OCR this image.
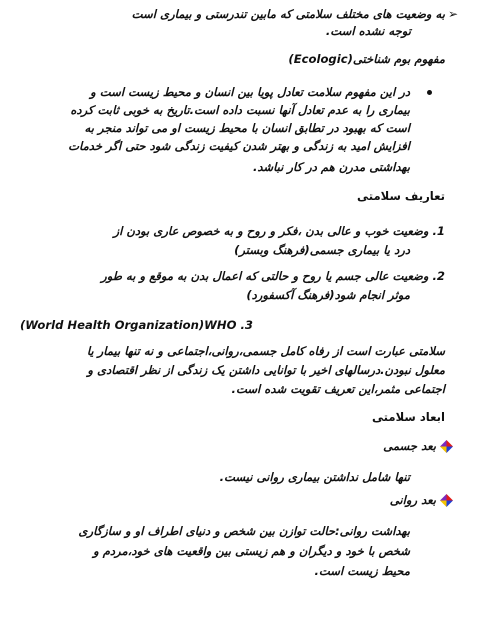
➢
به وضعیت های مختلف سلامتی که مابین تندرستی و بیماری است
توجه نشده است.
مفهوم بوم شناختی(Ecologic)
در این مفهوم سلامت تعادل پویا بین انسان و محیط زیست است و
بیماری را به عدم تعادل آنها نسبت داده است.تاریخ به خوبی ثابت کرده
است که بهبود در تطابق انسان با محیط زیست او می تواند منجر به
افزایش امید به زندگی و بهتر شدن کیفیت زندگی شود حتی اگر خدمات
بهداشتی مدرن هم در کار نباشد.
تعاریف سلامتی
1. وضعیت خوب و عالی بدن ،فکر و روح و به خصوص عاری بودن از
درد یا بیماری جسمی(فرهنگ وبستر)
2. وضعیت عالی جسم یا روح و حالتی که اعمال بدن به موقع و به طور
موثر انجام شود(فرهنگ آکسفورد)
(World Health Organization)WHO .3
سلامتی عبارت است از رفاه کامل جسمی،روانی،اجتماعی و نه تنها بیمار یا
معلول نبودن.درسالهای اخیر با توانایی داشتن یک زندگی از نظر اقتصادی و
اجتماعی مثمر،این تعریف تقویت شده است.
ابعاد سلامتی
بعد جسمی
تنها شامل نداشتن بیماری روانی نیست.
بعد روانی
بهداشت روانی:حالت توازن بین شخص و دنیای اطراف او و سازگاری
شخص با خود و دیگران و هم زیستی بین واقعیت های خود،مردم و
محیط زیست است.
